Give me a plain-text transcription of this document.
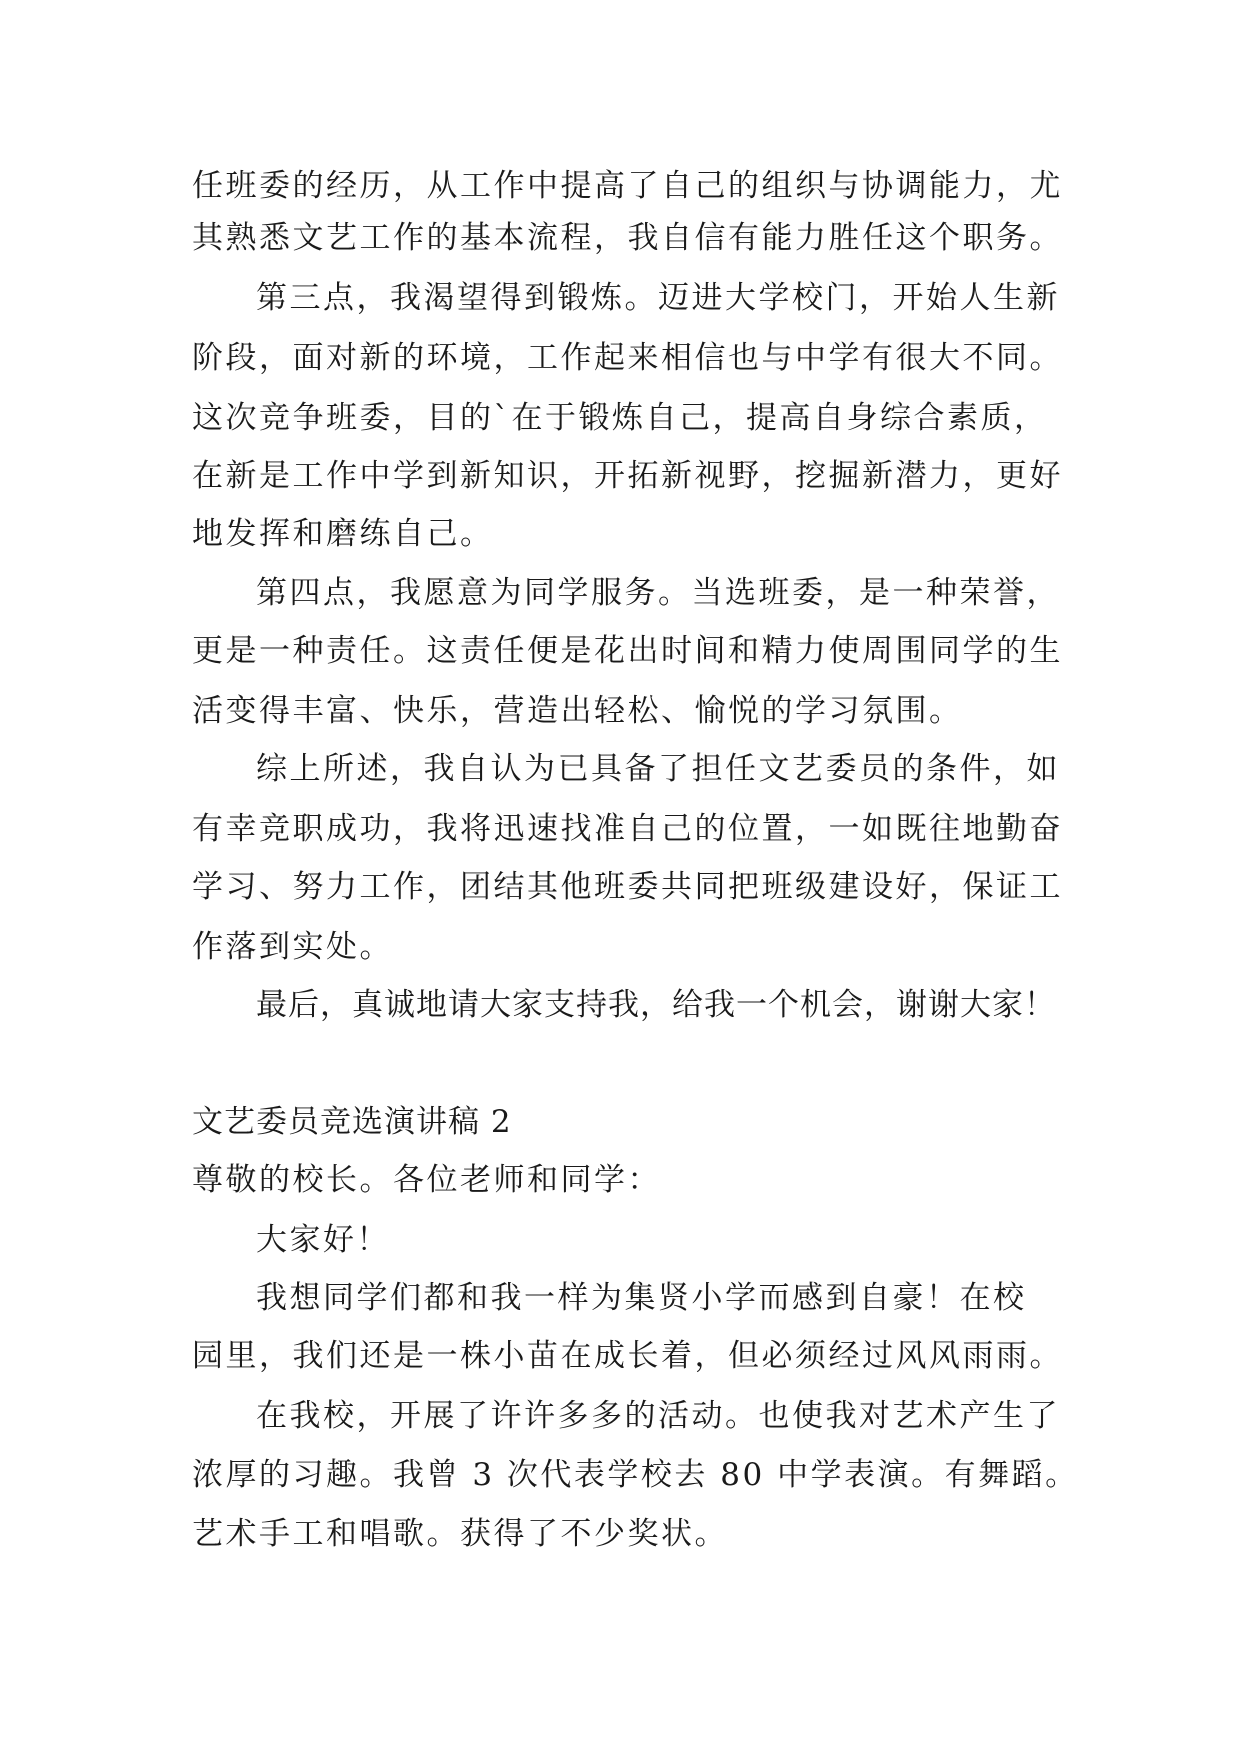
任班委的经历，从工作中提高了自己的组织与协调能力，尤
其熟悉文艺工作的基本流程，我自信有能力胜任这个职务。
第三点，我渴望得到锻炼。迈进大学校门，开始人生新
阶段，面对新的环境，工作起来相信也与中学有很大不同。
这次竞争班委，目的`在于锻炼自己，提高自身综合素质，
在新是工作中学到新知识，开拓新视野，挖掘新潜力，更好
地发挥和磨练自己。
第四点，我愿意为同学服务。当选班委，是一种荣誉，
更是一种责任。这责任便是花出时间和精力使周围同学的生
活变得丰富、快乐，营造出轻松、愉悦的学习氛围。
综上所述，我自认为已具备了担任文艺委员的条件，如
有幸竞职成功，我将迅速找准自己的位置，一如既往地勤奋
学习、努力工作，团结其他班委共同把班级建设好，保证工
作落到实处。
最后，真诚地请大家支持我，给我一个机会，谢谢大家！
文艺委员竞选演讲稿 2
尊敬的校长。各位老师和同学：
大家好！
我想同学们都和我一样为集贤小学而感到自豪！在校
园里，我们还是一株小苗在成长着，但必须经过风风雨雨。
在我校，开展了许许多多的活动。也使我对艺术产生了
浓厚的习趣。我曾 3 次代表学校去 80 中学表演。有舞蹈。
艺术手工和唱歌。获得了不少奖状。
